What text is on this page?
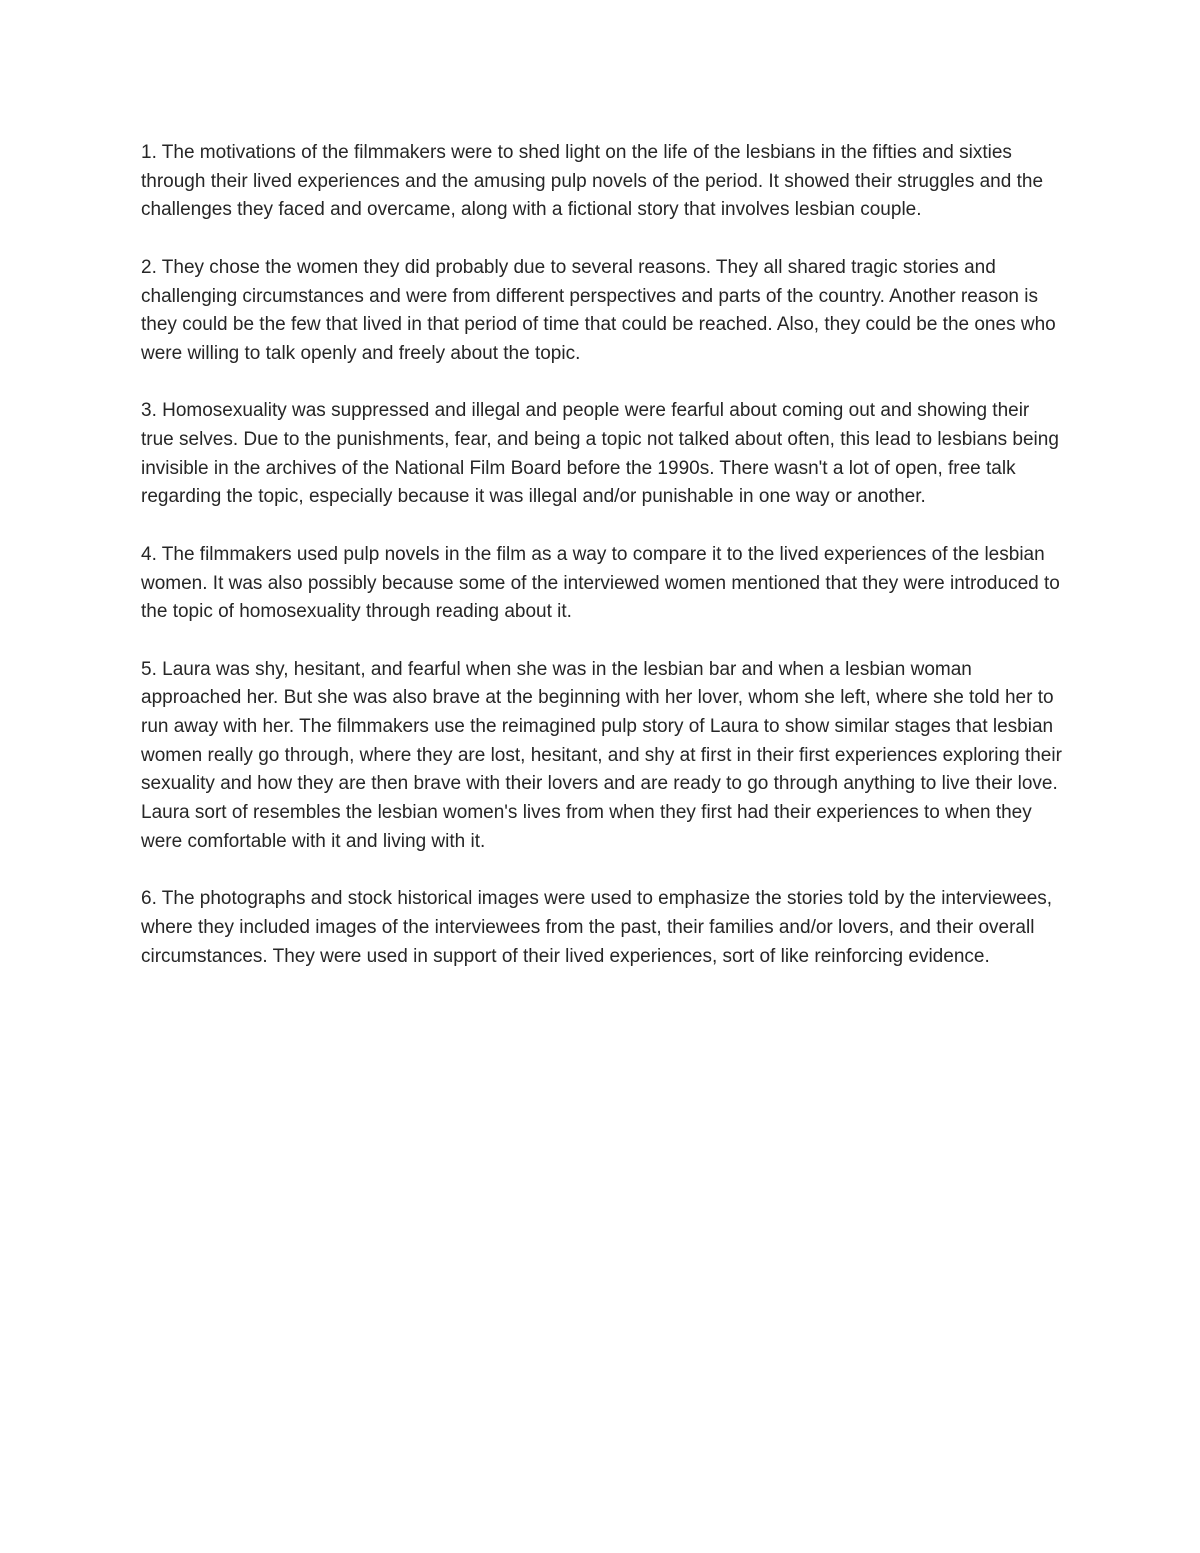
1. The motivations of the filmmakers were to shed light on the life of the lesbians in the fifties and sixties through their lived experiences and the amusing pulp novels of the period. It showed their struggles and the challenges they faced and overcame, along with a fictional story that involves lesbian couple.

2. They chose the women they did probably due to several reasons. They all shared tragic stories and challenging circumstances and were from different perspectives and parts of the country. Another reason is they could be the few that lived in that period of time that could be reached. Also, they could be the ones who were willing to talk openly and freely about the topic.

3. Homosexuality was suppressed and illegal and people were fearful about coming out and showing their true selves. Due to the punishments, fear, and being a topic not talked about often, this lead to lesbians being invisible in the archives of the National Film Board before the 1990s. There wasn't a lot of open, free talk regarding the topic, especially because it was illegal and/or punishable in one way or another.

4. The filmmakers used pulp novels in the film as a way to compare it to the lived experiences of the lesbian women. It was also possibly because some of the interviewed women mentioned that they were introduced to the topic of homosexuality through reading about it.

5. Laura was shy, hesitant, and fearful when she was in the lesbian bar and when a lesbian woman approached her. But she was also brave at the beginning with her lover, whom she left, where she told her to run away with her. The filmmakers use the reimagined pulp story of Laura to show similar stages that lesbian women really go through, where they are lost, hesitant, and shy at first in their first experiences exploring their sexuality and how they are then brave with their lovers and are ready to go through anything to live their love. Laura sort of resembles the lesbian women's lives from when they first had their experiences to when they were comfortable with it and living with it.

6. The photographs and stock historical images were used to emphasize the stories told by the interviewees, where they included images of the interviewees from the past, their families and/or lovers, and their overall circumstances. They were used in support of their lived experiences, sort of like reinforcing evidence.
